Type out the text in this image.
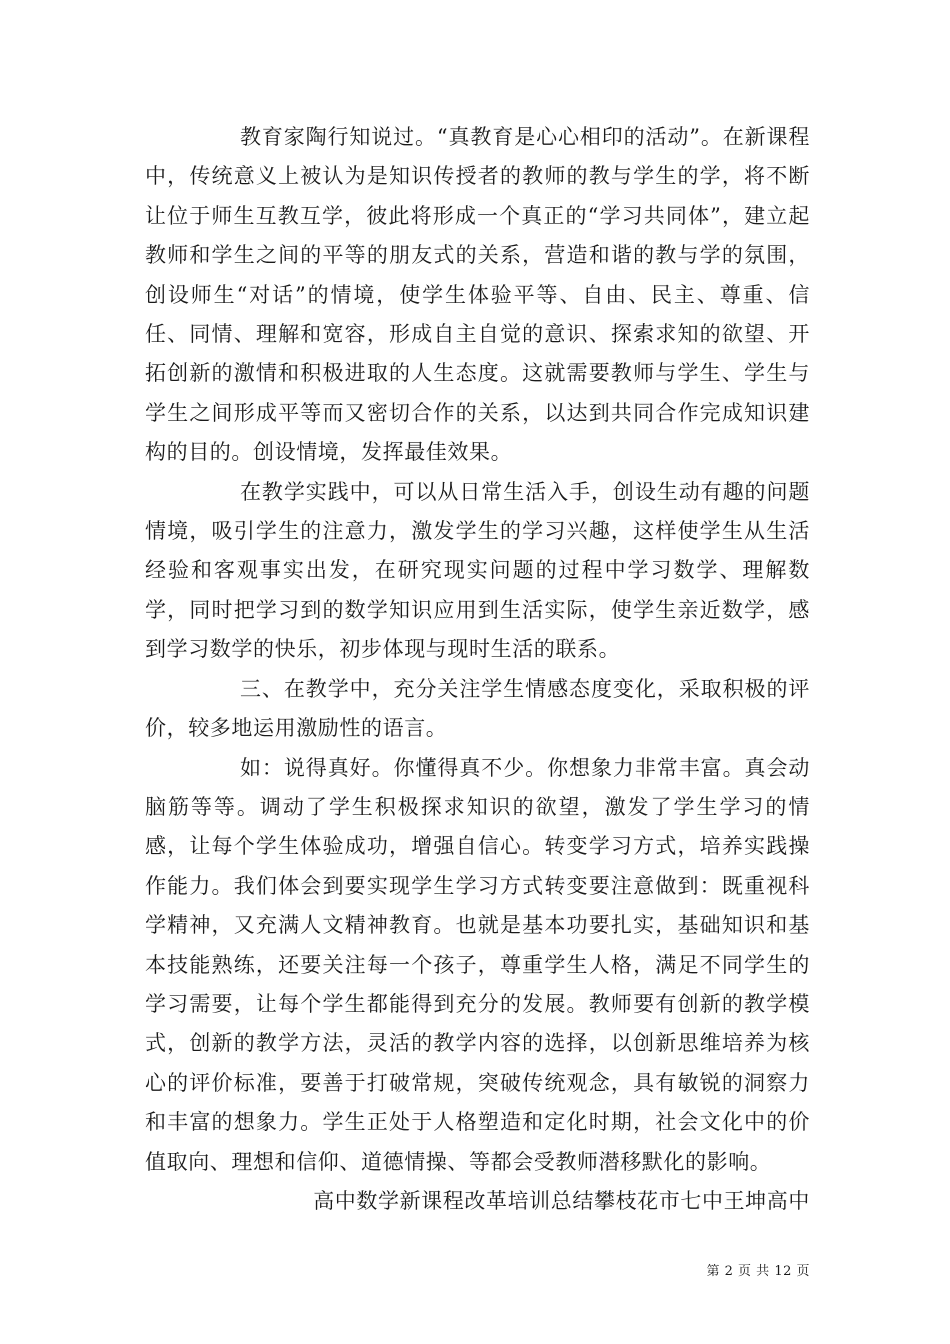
教育家陶行知说过。“真教育是心心相印的活动”。在新课程中，传统意义上被认为是知识传授者的教师的教与学生的学，将不断让位于师生互教互学，彼此将形成一个真正的“学习共同体”，建立起教师和学生之间的平等的朋友式的关系，营造和谐的教与学的氛围，创设师生“对话”的情境，使学生体验平等、自由、民主、尊重、信任、同情、理解和宽容，形成自主自觉的意识、探索求知的欲望、开拓创新的激情和积极进取的人生态度。这就需要教师与学生、学生与学生之间形成平等而又密切合作的关系，以达到共同合作完成知识建构的目的。创设情境，发挥最佳效果。

在教学实践中，可以从日常生活入手，创设生动有趣的问题情境，吸引学生的注意力，激发学生的学习兴趣，这样使学生从生活经验和客观事实出发，在研究现实问题的过程中学习数学、理解数学，同时把学习到的数学知识应用到生活实际，使学生亲近数学，感到学习数学的快乐，初步体现与现时生活的联系。

三、在教学中，充分关注学生情感态度变化，采取积极的评价，较多地运用激励性的语言。

如：说得真好。你懂得真不少。你想象力非常丰富。真会动脑筋等等。调动了学生积极探求知识的欲望，激发了学生学习的情感，让每个学生体验成功，增强自信心。转变学习方式，培养实践操作能力。我们体会到要实现学生学习方式转变要注意做到：既重视科学精神，又充满人文精神教育。也就是基本功要扎实，基础知识和基本技能熟练，还要关注每一个孩子，尊重学生人格，满足不同学生的学习需要，让每个学生都能得到充分的发展。教师要有创新的教学模式，创新的教学方法，灵活的教学内容的选择，以创新思维培养为核心的评价标准，要善于打破常规，突破传统观念，具有敏锐的洞察力和丰富的想象力。学生正处于人格塑造和定化时期，社会文化中的价值取向、理想和信仰、道德情操、等都会受教师潜移默化的影响。

高中数学新课程改革培训总结攀枝花市七中王坤高中

第 2 页 共 12 页
